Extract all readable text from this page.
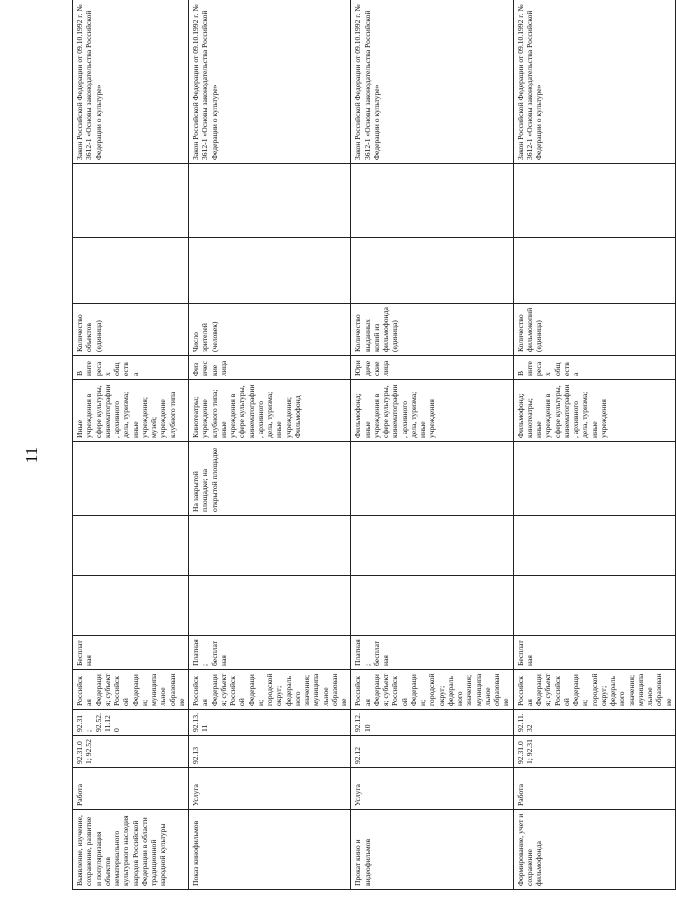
11
Выявление, изучение, сохранение, развитие и популяризация объектов нематериального культурного наследия народов Российской Федерации в области традиционной народной культуры	Работа	92.31.01; 92.52	92.31; 92.52.11.120	Российская Федерация; субъект Российской Федерации; муниципальное образование	Бесплатная				Иные учреждения в сфере культуры, кинематографии, архивного дела, туризма; иные учреждения; музей; учреждение клубного типа	В интересах общества	Количество объектов (единица)			Закон Российской Федерации от 09.10.1992 г. № 3612-1 «Основы законодательства Российской Федерации о культуре»
Показ кинофильмов	Услуга	92.13	92.13.11	Российская Федерация; субъект Российской Федерации; городской округ; федерального значения; муниципальное образование	Платная; бесплатная			На закрытой площадке; на открытой площадке	Кинотеатры; учреждение клубного типа; иные учреждения в сфере культуры, кинематографии, архивного дела, туризма; иные учреждения; Фильмофонд	Физические лица	Число зрителей (человек)			Закон Российской Федерации от 09.10.1992 г. № 3612-1 «Основы законодательства Российской Федерации о культуре»
Прокат кино и видеофильмов	Услуга	92.12	92.12.10	Российская Федерация; субъект Российской Федерации; городской округ; федерального значения; муниципальное образование	Платная; бесплатная				Фильмофонд; иные учреждения в сфере культуры, кинематографии, архивного дела, туризма; иные учреждения	Юридические лица	Количество выданных копий из фильмофонда (единица)			Закон Российской Федерации от 09.10.1992 г. № 3612-1 «Основы законодательства Российской Федерации о культуре»
Формирование, учет и сохранение фильмофонда	Работа	92.31.01; 92.31	92.11.32	Российская Федерация; субъект Российской Федерации; городской округ; федерального значения; муниципальное образование	Бесплатная				Фильмофонд; кинотеатры; иные учреждения в сфере культуры, кинематографии, архивного дела, туризма; иные учреждения	В интересах общества	Количество фильмокопий (единица)			Закон Российской Федерации от 09.10.1992 г. № 3612-1 «Основы законодательства Российской Федерации о культуре»
